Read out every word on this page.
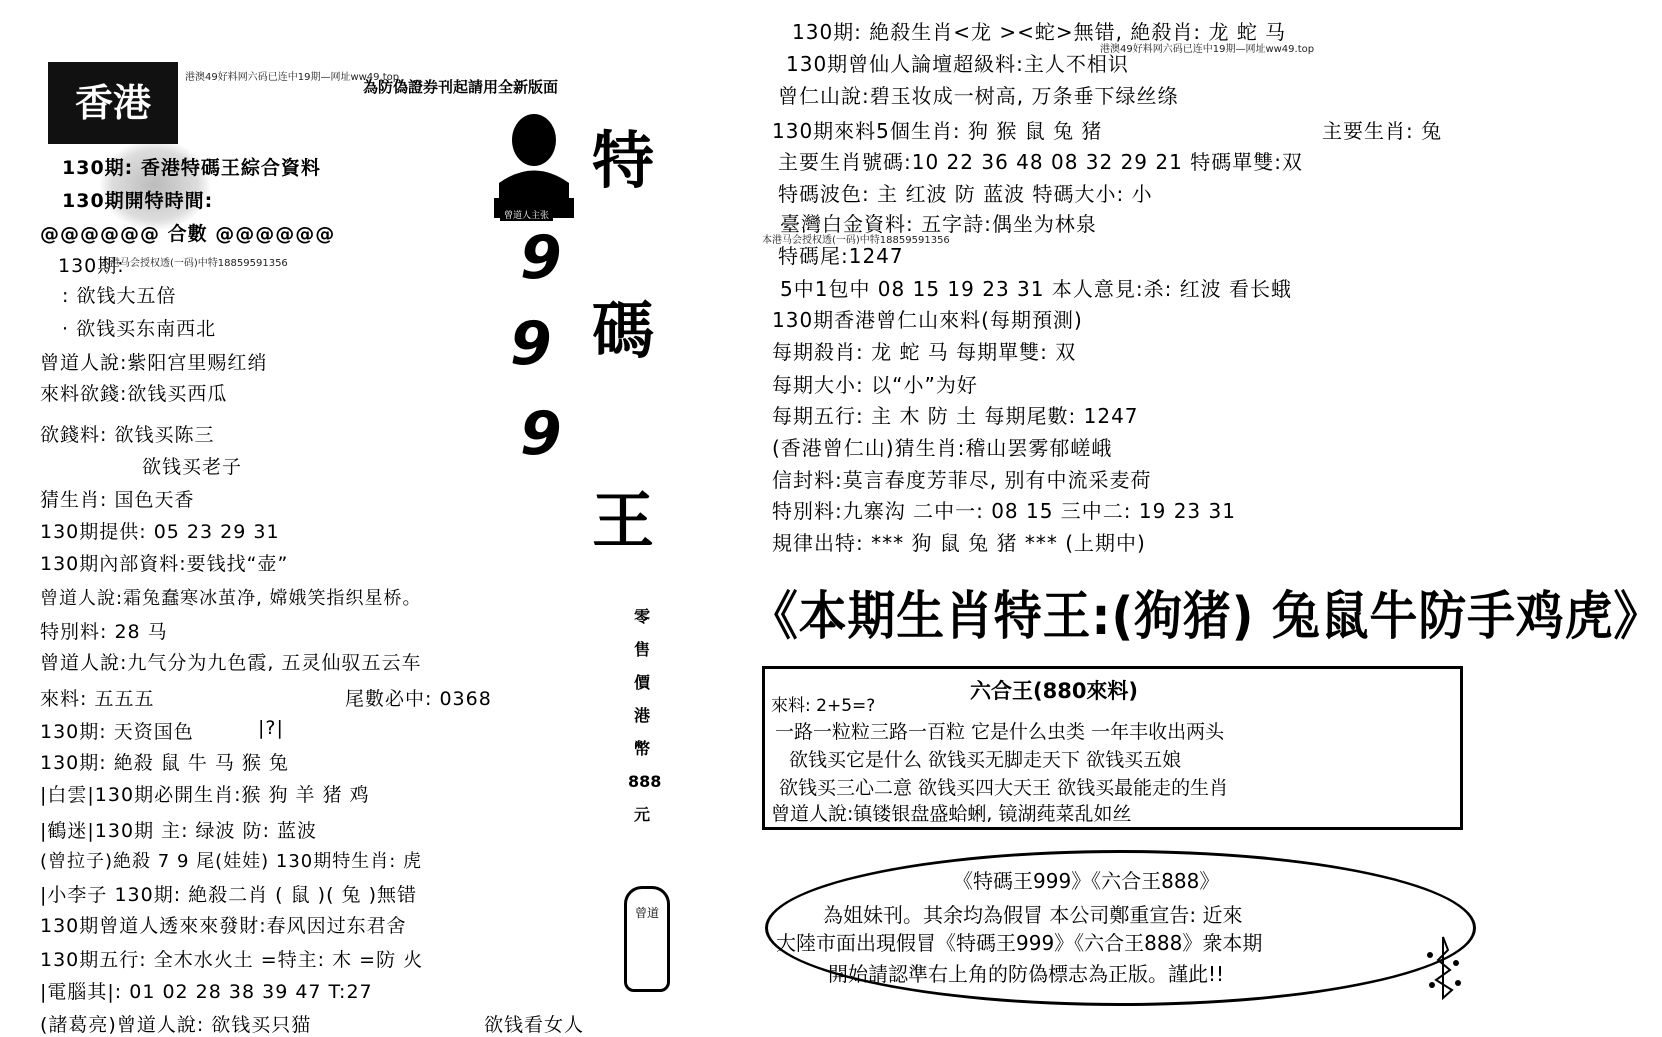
香港
港澳49好料网六码已连中19期—网址ww49.top
為防偽證券刊起請用全新版面
曾道人主张
特
碼
王
9
9
9
零售價港幣888元
曾道
130期: 香港特碼王綜合資料
130期開特時間:
@@@@@@ 合數 @@@@@@
本港马会授权透(一码)中特18859591356
130期:
: 欲钱大五倍
· 欲钱买东南西北
曾道人說:紫阳宫里赐红绡
來料欲錢:欲钱买西瓜
欲錢料: 欲钱买陈三
欲钱买老子
猜生肖: 国色天香
130期提供: 05 23 29 31
130期內部資料:要钱找“壶”
曾道人說:霜兔蠢寒冰茧净, 嫦娥笑指织星桥。
特別料: 28 马
曾道人說:九气分为九色霞, 五灵仙驭五云车
來料: 五五五	尾數必中: 0368
130期: 天资国色	|?|
130期: 絶殺 鼠 牛 马 猴 兔
|白雲|130期必開生肖:猴 狗 羊 猪 鸡
|鶴迷|130期 主: 绿波 防: 蓝波
(曾拉子)絶殺 7 9 尾(娃娃) 130期特生肖: 虎
|小李子 130期: 絶殺二肖 ( 鼠 )( 兔 )無错
130期曾道人透來來發財:春风因过东君舍
130期五行: 全木水火土 =特主: 木 =防 火
|電腦其|: 01 02 28 38 39 47 T:27
(諸葛亮)曾道人說: 欲钱买只猫	欲钱看女人
130期: 絶殺生肖<龙 ><蛇>無错, 絶殺肖: 龙 蛇 马
港澳49好料网六码已连中19期—网址ww49.top
130期曾仙人論壇超級料:主人不相识
曾仁山說:碧玉妆成一树高, 万条垂下绿丝绦
130期來料5個生肖: 狗 猴 鼠 兔 猪	主要生肖: 兔
主要生肖號碼:10 22 36 48 08 32 29 21 特碼單雙:双
特碼波色: 主 红波 防 蓝波 特碼大小: 小
臺灣白金資料: 五字詩:偶坐为林泉
本港马会授权透(一码)中特18859591356
特碼尾:1247
5中1包中 08 15 19 23 31 本人意見:杀: 红波 看长蛾
130期香港曾仁山來料(每期預測)
每期殺肖: 龙 蛇 马 每期單雙: 双
每期大小: 以“小”为好
每期五行: 主 木 防 土 每期尾數: 1247
(香港曾仁山)猜生肖:稽山罢雾郁嵯峨
信封料:莫言春度芳菲尽, 别有中流采麦荷
特別料:九寨沟 二中一: 08 15 三中二: 19 23 31
規律出特: *** 狗 鼠 兔 猪 *** (上期中)
《本期生肖特王:(狗猪) 兔鼠牛防手鸡虎》
六合王(880來料)
來料: 2+5=?
一路一粒粒三路一百粒 它是什么虫类 一年丰收出两头
欲钱买它是什么 欲钱买无脚走天下 欲钱买五娘
欲钱买三心二意 欲钱买四大天王 欲钱买最能走的生肖
曾道人說:镇镂银盘盛蛤蜊, 镜湖莼菜乱如丝
《特碼王999》《六合王888》
為姐妹刊。其余均為假冒 本公司鄭重宣告: 近來
大陸市面出現假冒《特碼王999》《六合王888》衆本期
開始請認準右上角的防偽標志為正版。謹此!!
